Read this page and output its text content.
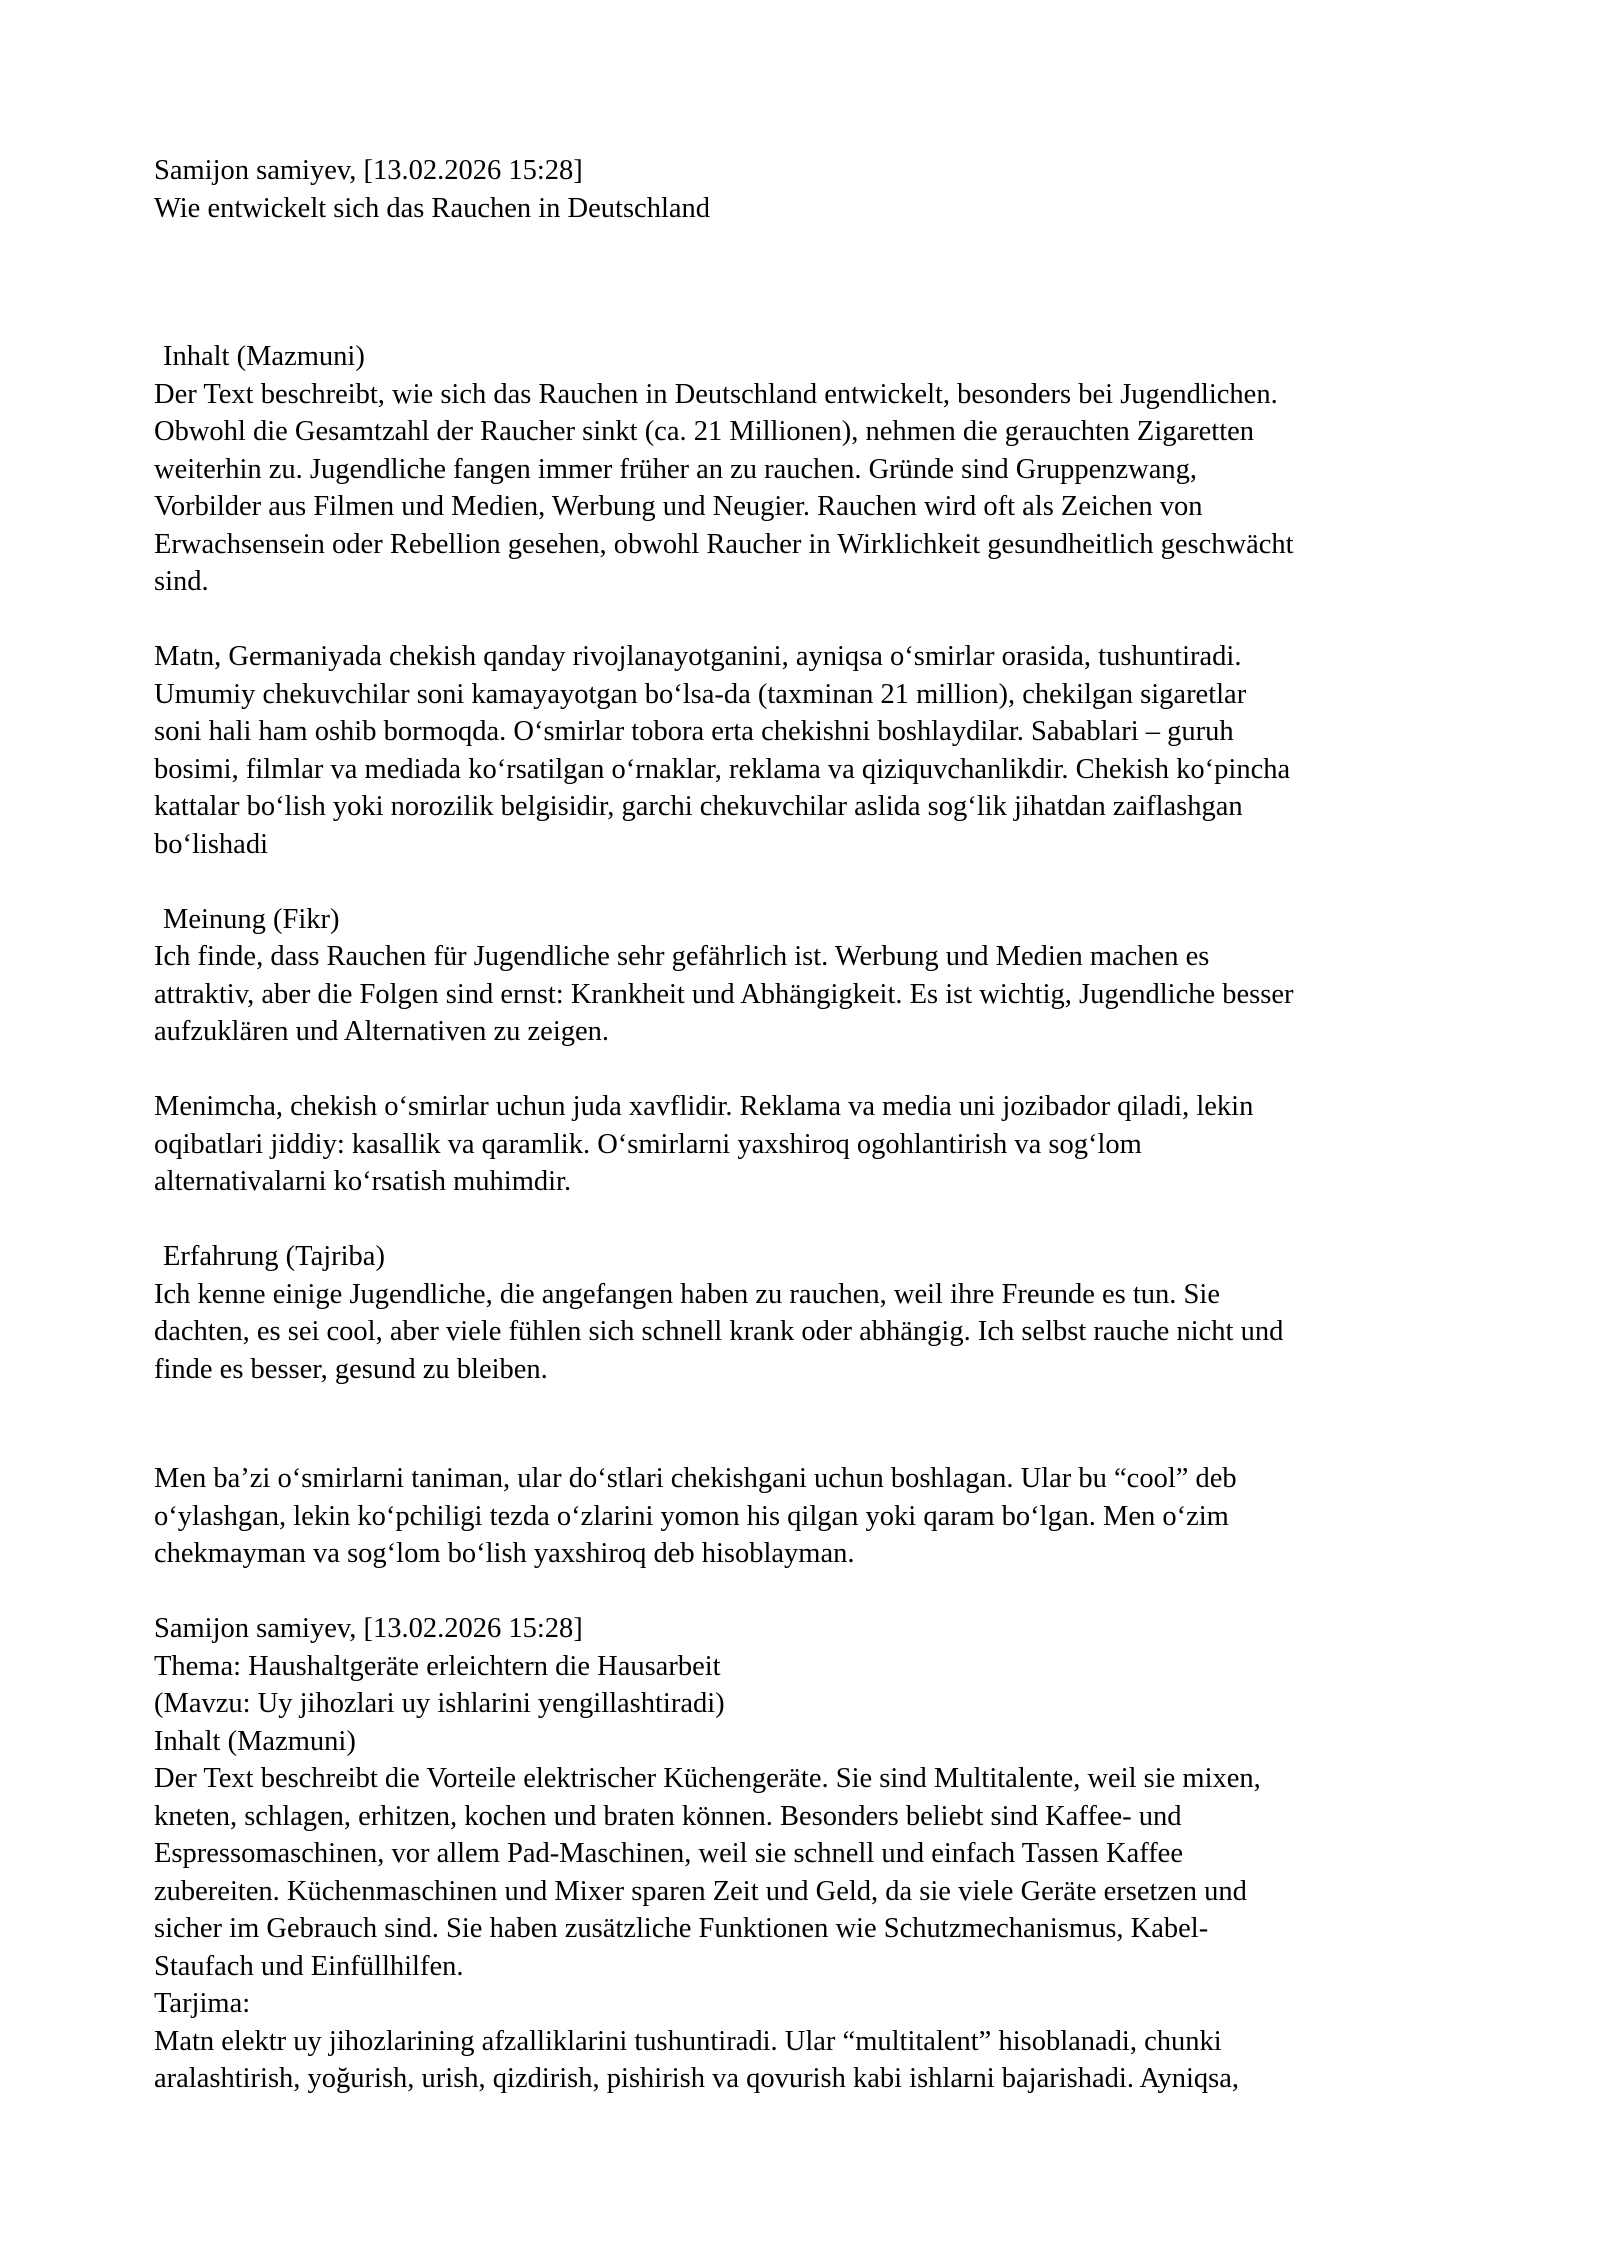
Samijon samiyev, [13.02.2026 15:28]
Wie entwickelt sich das Rauchen in Deutschland
Inhalt (Mazmuni)
Der Text beschreibt, wie sich das Rauchen in Deutschland entwickelt, besonders bei Jugendlichen.
Obwohl die Gesamtzahl der Raucher sinkt (ca. 21 Millionen), nehmen die gerauchten Zigaretten
weiterhin zu. Jugendliche fangen immer früher an zu rauchen. Gründe sind Gruppenzwang,
Vorbilder aus Filmen und Medien, Werbung und Neugier. Rauchen wird oft als Zeichen von
Erwachsensein oder Rebellion gesehen, obwohl Raucher in Wirklichkeit gesundheitlich geschwächt
sind.
Matn, Germaniyada chekish qanday rivojlanayotganini, ayniqsa oʻsmirlar orasida, tushuntiradi.
Umumiy chekuvchilar soni kamayayotgan boʻlsa-da (taxminan 21 million), chekilgan sigaretlar
soni hali ham oshib bormoqda. Oʻsmirlar tobora erta chekishni boshlaydilar. Sabablari – guruh
bosimi, filmlar va mediada koʻrsatilgan oʻrnaklar, reklama va qiziquvchanlikdir. Chekish koʻpincha
kattalar boʻlish yoki norozilik belgisidir, garchi chekuvchilar aslida sogʻlik jihatdan zaiflashgan
boʻlishadi
Meinung (Fikr)
Ich finde, dass Rauchen für Jugendliche sehr gefährlich ist. Werbung und Medien machen es
attraktiv, aber die Folgen sind ernst: Krankheit und Abhängigkeit. Es ist wichtig, Jugendliche besser
aufzuklären und Alternativen zu zeigen.
Menimcha, chekish oʻsmirlar uchun juda xavflidir. Reklama va media uni jozibador qiladi, lekin
oqibatlari jiddiy: kasallik va qaramlik. Oʻsmirlarni yaxshiroq ogohlantirish va sogʻlom
alternativalarni koʻrsatish muhimdir.
Erfahrung (Tajriba)
Ich kenne einige Jugendliche, die angefangen haben zu rauchen, weil ihre Freunde es tun. Sie
dachten, es sei cool, aber viele fühlen sich schnell krank oder abhängig. Ich selbst rauche nicht und
finde es besser, gesund zu bleiben.
Men ba’zi oʻsmirlarni taniman, ular doʻstlari chekishgani uchun boshlagan. Ular bu “cool” deb
oʻylashgan, lekin koʻpchiligi tezda oʻzlarini yomon his qilgan yoki qaram boʻlgan. Men oʻzim
chekmayman va sogʻlom boʻlish yaxshiroq deb hisoblayman.
Samijon samiyev, [13.02.2026 15:28]
Thema: Haushaltgeräte erleichtern die Hausarbeit
(Mavzu: Uy jihozlari uy ishlarini yengillashtiradi)
Inhalt (Mazmuni)
Der Text beschreibt die Vorteile elektrischer Küchengeräte. Sie sind Multitalente, weil sie mixen,
kneten, schlagen, erhitzen, kochen und braten können. Besonders beliebt sind Kaffee- und
Espressomaschinen, vor allem Pad-Maschinen, weil sie schnell und einfach Tassen Kaffee
zubereiten. Küchenmaschinen und Mixer sparen Zeit und Geld, da sie viele Geräte ersetzen und
sicher im Gebrauch sind. Sie haben zusätzliche Funktionen wie Schutzmechanismus, Kabel-
Staufach und Einfüllhilfen.
Tarjima:
Matn elektr uy jihozlarining afzalliklarini tushuntiradi. Ular “multitalent” hisoblanadi, chunki
aralashtirish, yoğurish, urish, qizdirish, pishirish va qovurish kabi ishlarni bajarishadi. Ayniqsa,
